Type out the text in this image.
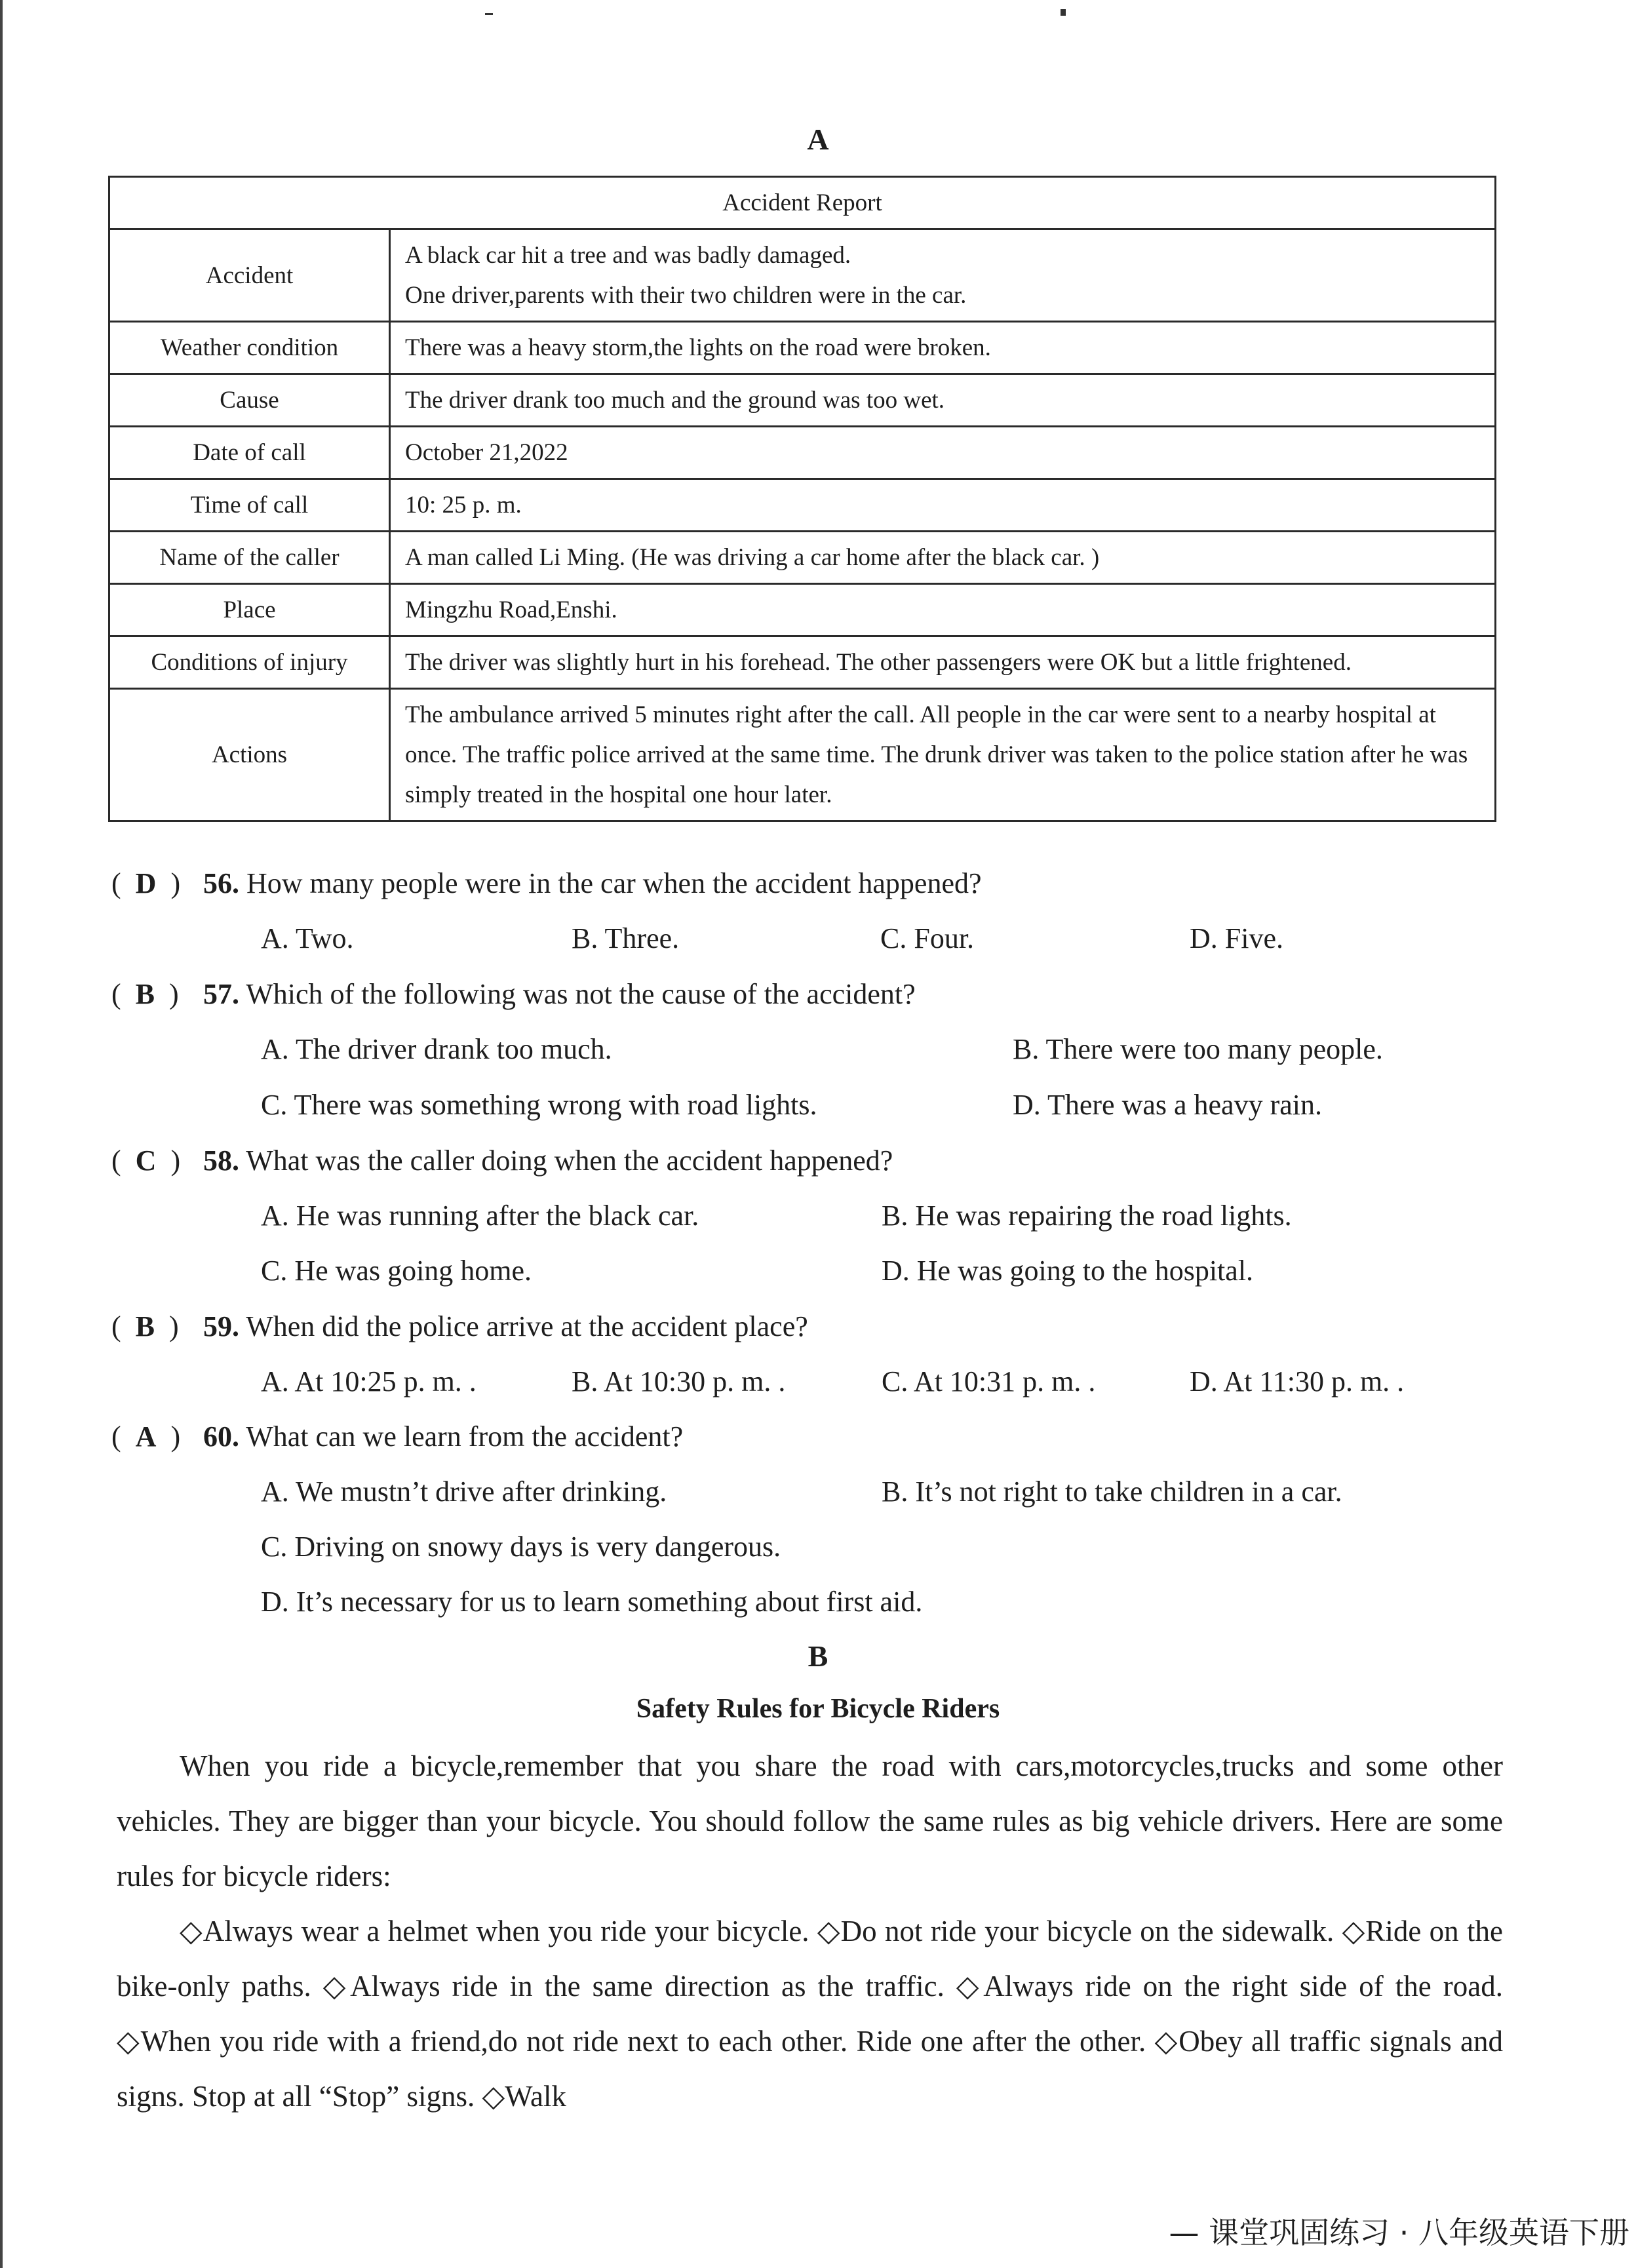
A
Accident Report	
Accident	A black car hit a tree and was badly damaged.
One driver,parents with their two children were in the car.

Weather condition	There was a heavy storm,the lights on the road were broken.
Cause	The driver drank too much and the ground was too wet.
Date of call	October 21,2022
Time of call	10: 25 p. m.
Name of the caller	A man called Li Ming. (He was driving a car home after the black car. )
Place	Mingzhu Road,Enshi.
Conditions of injury	The driver was slightly hurt in his forehead. The other passengers were OK but a little frightened.
Actions	The ambulance arrived 5 minutes right after the call. All people in the car were sent to a nearby hospital at once. The traffic police arrived at the same time. The drunk driver was taken to the police station after he was simply treated in the hospital one hour later.
(  D  ) 56. How many people were in the car when the accident happened?
A. Two.	B. Three.	C. Four.	D. Five.
(  B  ) 57. Which of the following was not the cause of the accident?
A. The driver drank too much.	B. There were too many people.
C. There was something wrong with road lights.	D. There was a heavy rain.
(  C  ) 58. What was the caller doing when the accident happened?
A. He was running after the black car.	B. He was repairing the road lights.
C. He was going home.	D. He was going to the hospital.
(  B  ) 59. When did the police arrive at the accident place?
A. At 10:25 p. m. .	B. At 10:30 p. m. .	C. At 10:31 p. m. .	D. At 11:30 p. m. .
(  A  ) 60. What can we learn from the accident?
A. We mustn’t drive after drinking.	B. It’s not right to take children in a car.
C. Driving on snowy days is very dangerous.
D. It’s necessary for us to learn something about first aid.
B
Safety Rules for Bicycle Riders

When you ride a bicycle,remember that you share the road with cars,motorcycles,trucks and some other vehicles. They are bigger than your bicycle. You should follow the same rules as big vehicle drivers. Here are some rules for bicycle riders:

◇Always wear a helmet when you ride your bicycle. ◇Do not ride your bicycle on the sidewalk. ◇Ride on the bike-only paths. ◇Always ride in the same direction as the traffic. ◇Always ride on the right side of the road. ◇When you ride with a friend,do not ride next to each other. Ride one after the other. ◇Obey all traffic signals and signs. Stop at all “Stop” signs. ◇Walk

— 课堂巩固练习 · 八年级英语下册
